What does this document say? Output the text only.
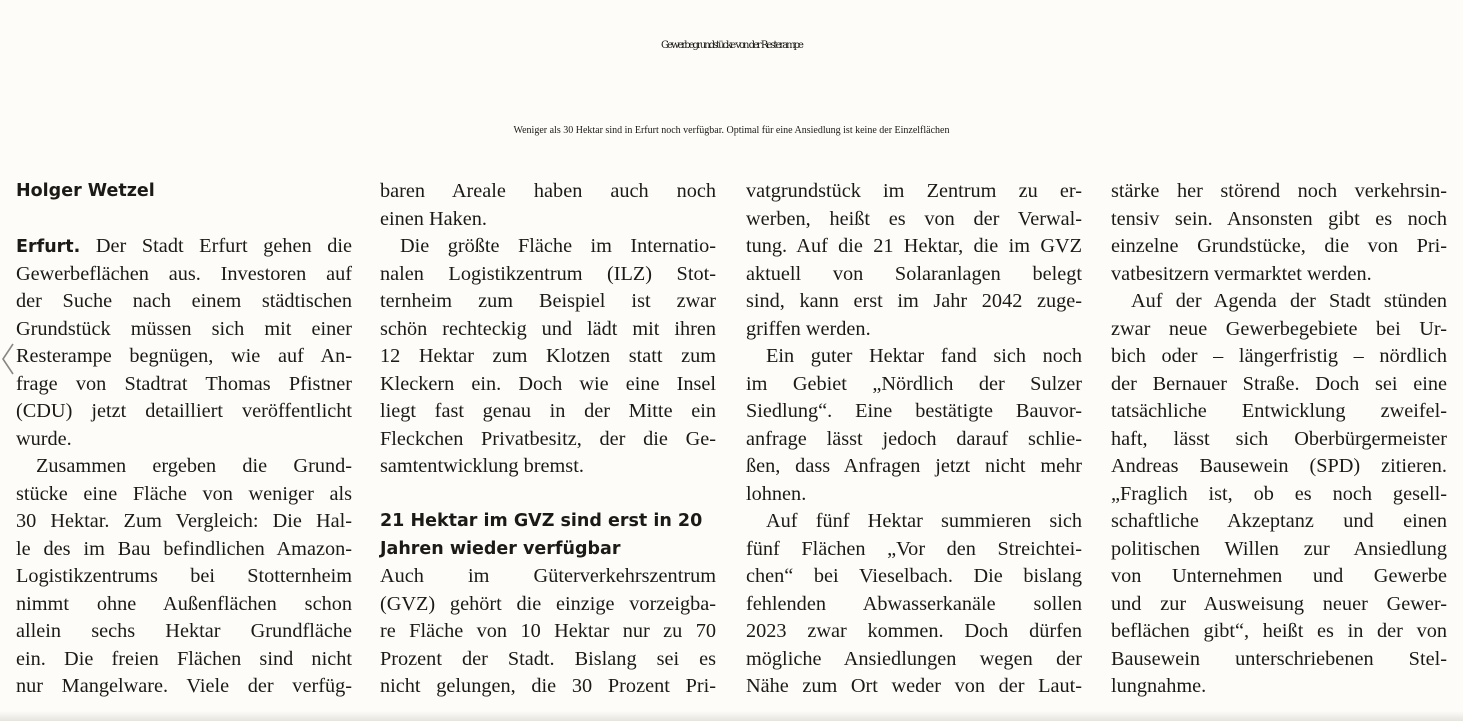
Gewerbegrundstücke von der Resterampe
Weniger als 30 Hektar sind in Erfurt noch verfügbar. Optimal für eine Ansiedlung ist keine der Einzelflächen
Holger Wetzel
Erfurt. Der Stadt Erfurt gehen die
Gewerbeflächen aus. Investoren auf
der Suche nach einem städtischen
Grundstück müssen sich mit einer
Resterampe begnügen, wie auf An-
frage von Stadtrat Thomas Pfistner
(CDU) jetzt detailliert veröffentlicht
wurde.
Zusammen ergeben die Grund-
stücke eine Fläche von weniger als
30 Hektar. Zum Vergleich: Die Hal-
le des im Bau befindlichen Amazon-
Logistikzentrums bei Stotternheim
nimmt ohne Außenflächen schon
allein sechs Hektar Grundfläche
ein. Die freien Flächen sind nicht
nur Mangelware. Viele der verfüg-
baren Areale haben auch noch
einen Haken.
Die größte Fläche im Internatio-
nalen Logistikzentrum (ILZ) Stot-
ternheim zum Beispiel ist zwar
schön rechteckig und lädt mit ihren
12 Hektar zum Klotzen statt zum
Kleckern ein. Doch wie eine Insel
liegt fast genau in der Mitte ein
Fleckchen Privatbesitz, der die Ge-
samtentwicklung bremst.
21 Hektar im GVZ sind erst in 20
Jahren wieder verfügbar
Auch im Güterverkehrszentrum
(GVZ) gehört die einzige vorzeigba-
re Fläche von 10 Hektar nur zu 70
Prozent der Stadt. Bislang sei es
nicht gelungen, die 30 Prozent Pri-
vatgrundstück im Zentrum zu er-
werben, heißt es von der Verwal-
tung. Auf die 21 Hektar, die im GVZ
aktuell von Solaranlagen belegt
sind, kann erst im Jahr 2042 zuge-
griffen werden.
Ein guter Hektar fand sich noch
im Gebiet „Nördlich der Sulzer
Siedlung“. Eine bestätigte Bauvor-
anfrage lässt jedoch darauf schlie-
ßen, dass Anfragen jetzt nicht mehr
lohnen.
Auf fünf Hektar summieren sich
fünf Flächen „Vor den Streichtei-
chen“ bei Vieselbach. Die bislang
fehlenden Abwasserkanäle sollen
2023 zwar kommen. Doch dürfen
mögliche Ansiedlungen wegen der
Nähe zum Ort weder von der Laut-
stärke her störend noch verkehrsin-
tensiv sein. Ansonsten gibt es noch
einzelne Grundstücke, die von Pri-
vatbesitzern vermarktet werden.
Auf der Agenda der Stadt stünden
zwar neue Gewerbegebiete bei Ur-
bich oder – längerfristig – nördlich
der Bernauer Straße. Doch sei eine
tatsächliche Entwicklung zweifel-
haft, lässt sich Oberbürgermeister
Andreas Bausewein (SPD) zitieren.
„Fraglich ist, ob es noch gesell-
schaftliche Akzeptanz und einen
politischen Willen zur Ansiedlung
von Unternehmen und Gewerbe
und zur Ausweisung neuer Gewer-
beflächen gibt“, heißt es in der von
Bausewein unterschriebenen Stel-
lungnahme.
